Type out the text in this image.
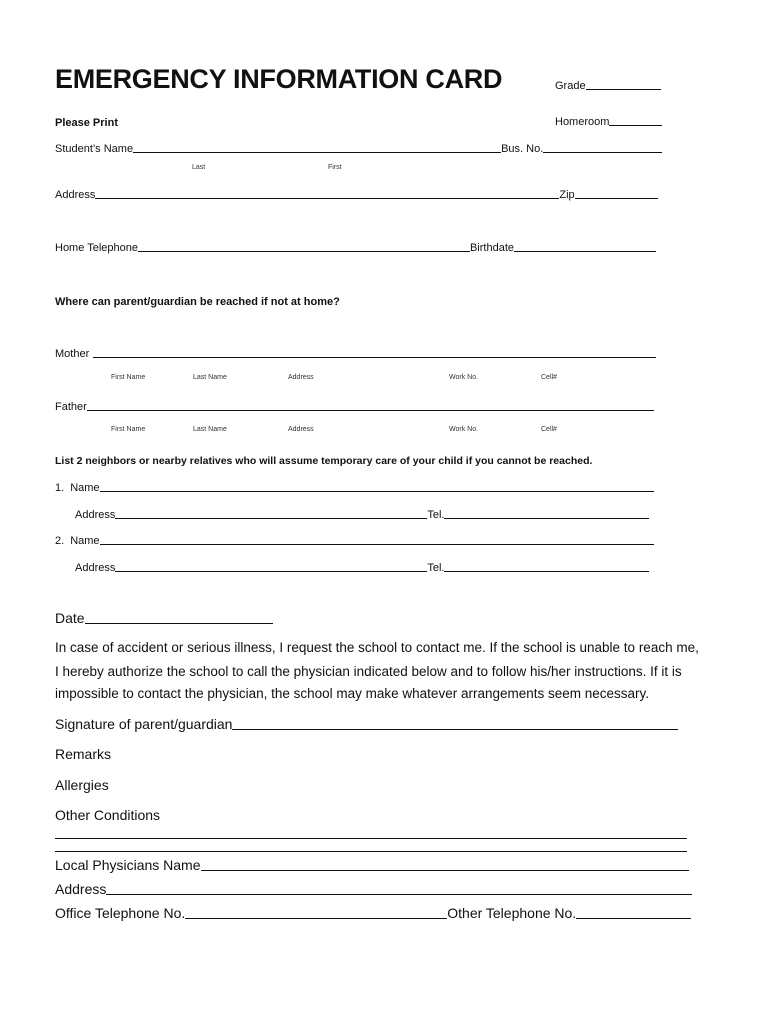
EMERGENCY INFORMATION CARD	Grade
Please Print	Homeroom
Student’s Name	Bus. No.
Last	First
Address	Zip
Home Telephone	Birthdate
Where can parent/guardian be reached if not at home?
Mother
First Name	Last Name	Address	Work No.	Cell#
Father
First Name	Last Name	Address	Work No.	Cell#
List 2 neighbors or nearby relatives who will assume temporary care of your child if you cannot be reached.
1. Name
Address	Tel.
2. Name
Address	Tel.
Date
In case of accident or serious illness, I request the school to contact me. If the school is unable to reach me,
I hereby authorize the school to call the physician indicated below and to follow his/her instructions. If it is
impossible to contact the physician, the school may make whatever arrangements seem necessary.
Signature of parent/guardian
Remarks
Allergies
Other Conditions
Local Physicians Name
Address
Office Telephone No.	Other Telephone No.
